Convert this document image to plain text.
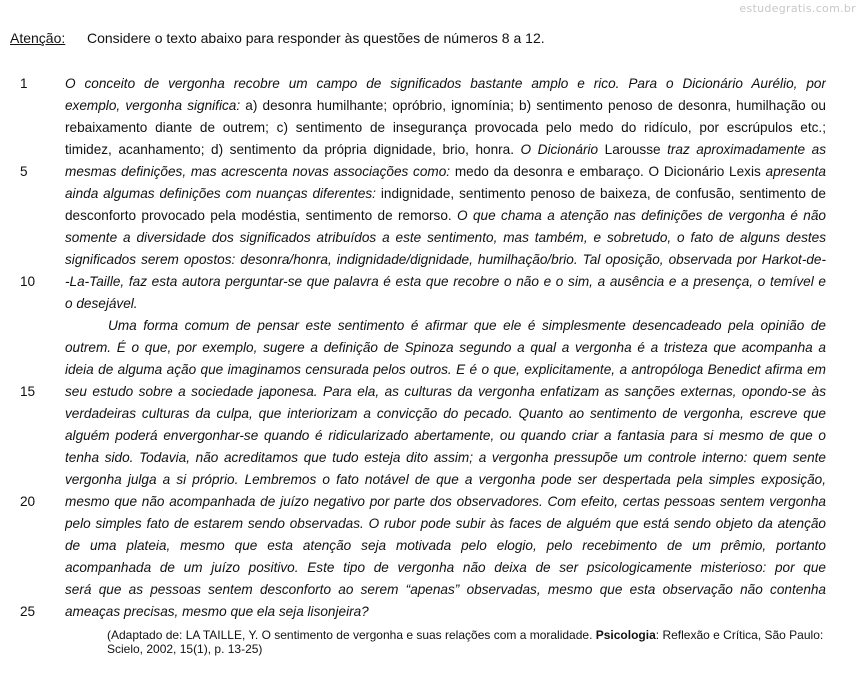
estudegratis.com.br
Atenção: Considere o texto abaixo para responder às questões de números 8 a 12.
1	O conceito de vergonha recobre um campo de significados bastante amplo e rico. Para o Dicionário Aurélio, por
exemplo, vergonha significa: a) desonra humilhante; opróbrio, ignomínia; b) sentimento penoso de desonra, humilhação ou
rebaixamento diante de outrem; c) sentimento de insegurança provocada pelo medo do ridículo, por escrúpulos etc.;
timidez, acanhamento; d) sentimento da própria dignidade, brio, honra. O Dicionário Larousse traz aproximadamente as
5	mesmas definições, mas acrescenta novas associações como: medo da desonra e embaraço. O Dicionário Lexis apresenta
ainda algumas definições com nuanças diferentes: indignidade, sentimento penoso de baixeza, de confusão, sentimento de
desconforto provocado pela modéstia, sentimento de remorso. O que chama a atenção nas definições de vergonha é não
somente a diversidade dos significados atribuídos a este sentimento, mas também, e sobretudo, o fato de alguns destes
significados serem opostos: desonra/honra, indignidade/dignidade, humilhação/brio. Tal oposição, observada por Harkot-de-
10	-La-Taille, faz esta autora perguntar-se que palavra é esta que recobre o não e o sim, a ausência e a presença, o temível e
o desejável.
Uma forma comum de pensar este sentimento é afirmar que ele é simplesmente desencadeado pela opinião de
outrem. É o que, por exemplo, sugere a definição de Spinoza segundo a qual a vergonha é a tristeza que acompanha a
ideia de alguma ação que imaginamos censurada pelos outros. E é o que, explicitamente, a antropóloga Benedict afirma em
15	seu estudo sobre a sociedade japonesa. Para ela, as culturas da vergonha enfatizam as sanções externas, opondo-se às
verdadeiras culturas da culpa, que interiorizam a convicção do pecado. Quanto ao sentimento de vergonha, escreve que
alguém poderá envergonhar-se quando é ridicularizado abertamente, ou quando criar a fantasia para si mesmo de que o
tenha sido. Todavia, não acreditamos que tudo esteja dito assim; a vergonha pressupõe um controle interno: quem sente
vergonha julga a si próprio. Lembremos o fato notável de que a vergonha pode ser despertada pela simples exposição,
20	mesmo que não acompanhada de juízo negativo por parte dos observadores. Com efeito, certas pessoas sentem vergonha
pelo simples fato de estarem sendo observadas. O rubor pode subir às faces de alguém que está sendo objeto da atenção
de uma plateia, mesmo que esta atenção seja motivada pelo elogio, pelo recebimento de um prêmio, portanto
acompanhada de um juízo positivo. Este tipo de vergonha não deixa de ser psicologicamente misterioso: por que
será que as pessoas sentem desconforto ao serem “apenas” observadas, mesmo que esta observação não contenha
25	ameaças precisas, mesmo que ela seja lisonjeira?
(Adaptado de: LA TAILLE, Y. O sentimento de vergonha e suas relações com a moralidade. Psicologia: Reflexão e Crítica, São Paulo: Scielo, 2002, 15(1), p. 13-25)
